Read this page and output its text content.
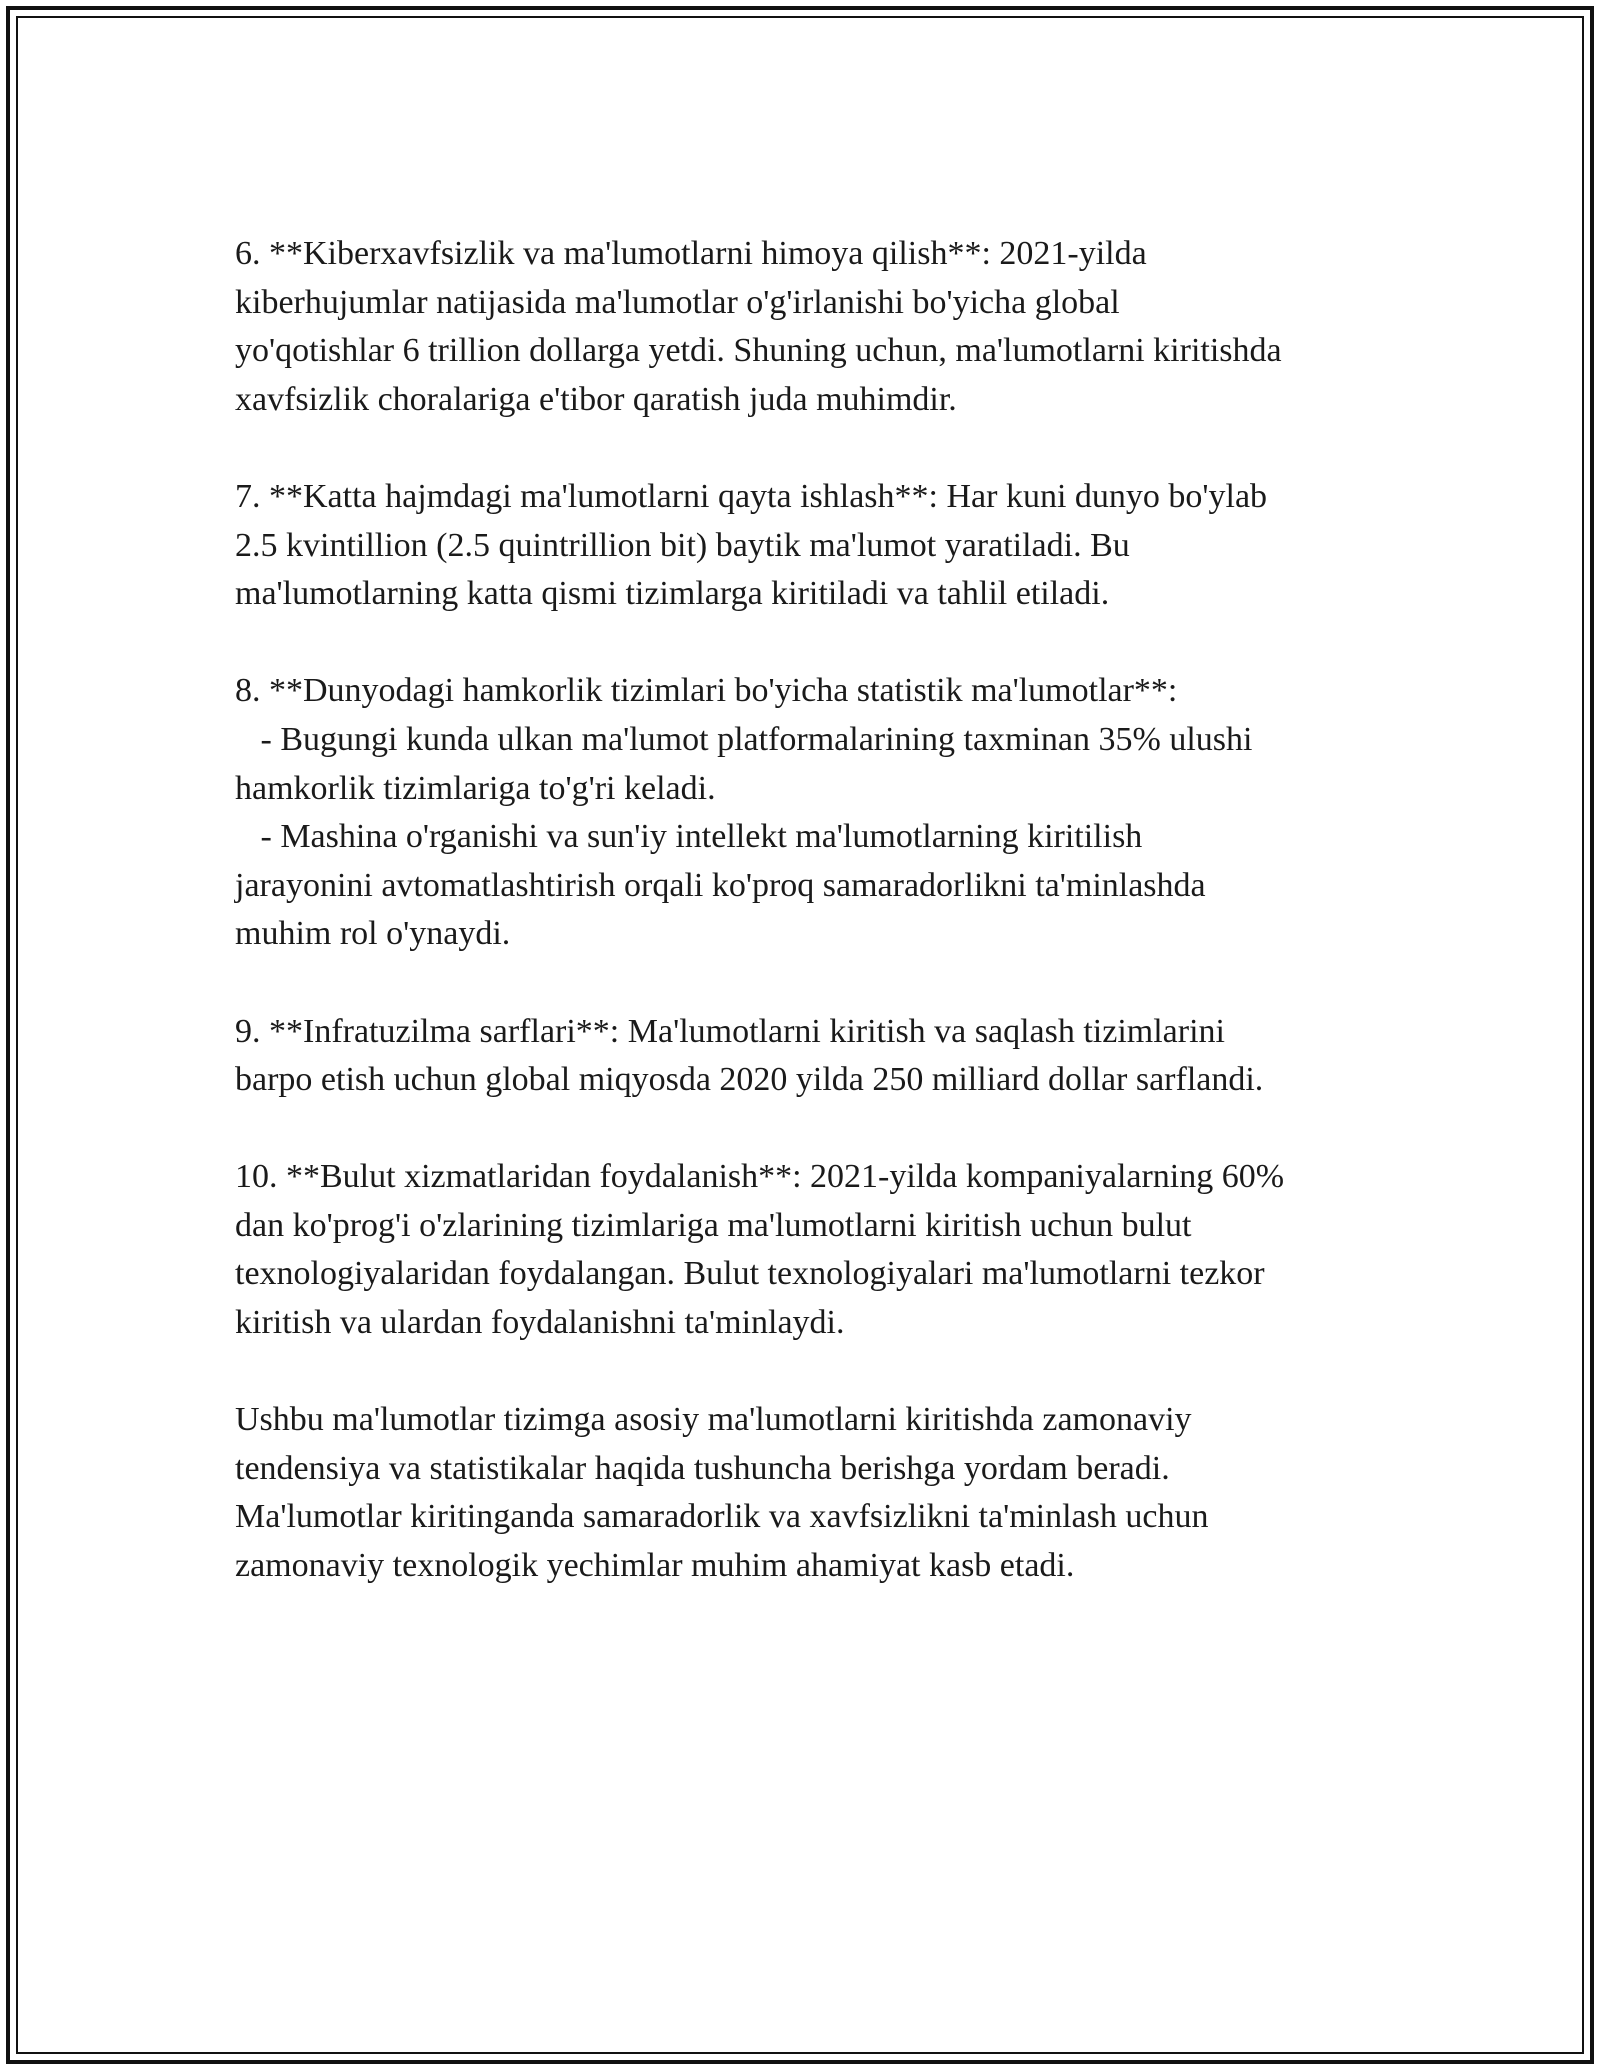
6. **Kiberxavfsizlik va ma'lumotlarni himoya qilish**: 2021-yilda
kiberhujumlar natijasida ma'lumotlar o'g'irlanishi bo'yicha global
yo'qotishlar 6 trillion dollarga yetdi. Shuning uchun, ma'lumotlarni kiritishda
xavfsizlik choralariga e'tibor qaratish juda muhimdir.

7. **Katta hajmdagi ma'lumotlarni qayta ishlash**: Har kuni dunyo bo'ylab
2.5 kvintillion (2.5 quintrillion bit) baytik ma'lumot yaratiladi. Bu
ma'lumotlarning katta qismi tizimlarga kiritiladi va tahlil etiladi.

8. **Dunyodagi hamkorlik tizimlari bo'yicha statistik ma'lumotlar**:
- Bugungi kunda ulkan ma'lumot platformalarining taxminan 35% ulushi
hamkorlik tizimlariga to'g'ri keladi.
- Mashina o'rganishi va sun'iy intellekt ma'lumotlarning kiritilish
jarayonini avtomatlashtirish orqali ko'proq samaradorlikni ta'minlashda
muhim rol o'ynaydi.

9. **Infratuzilma sarflari**: Ma'lumotlarni kiritish va saqlash tizimlarini
barpo etish uchun global miqyosda 2020 yilda 250 milliard dollar sarflandi.

10. **Bulut xizmatlaridan foydalanish**: 2021-yilda kompaniyalarning 60%
dan ko'prog'i o'zlarining tizimlariga ma'lumotlarni kiritish uchun bulut
texnologiyalaridan foydalangan. Bulut texnologiyalari ma'lumotlarni tezkor
kiritish va ulardan foydalanishni ta'minlaydi.

Ushbu ma'lumotlar tizimga asosiy ma'lumotlarni kiritishda zamonaviy
tendensiya va statistikalar haqida tushuncha berishga yordam beradi.
Ma'lumotlar kiritinganda samaradorlik va xavfsizlikni ta'minlash uchun
zamonaviy texnologik yechimlar muhim ahamiyat kasb etadi.
